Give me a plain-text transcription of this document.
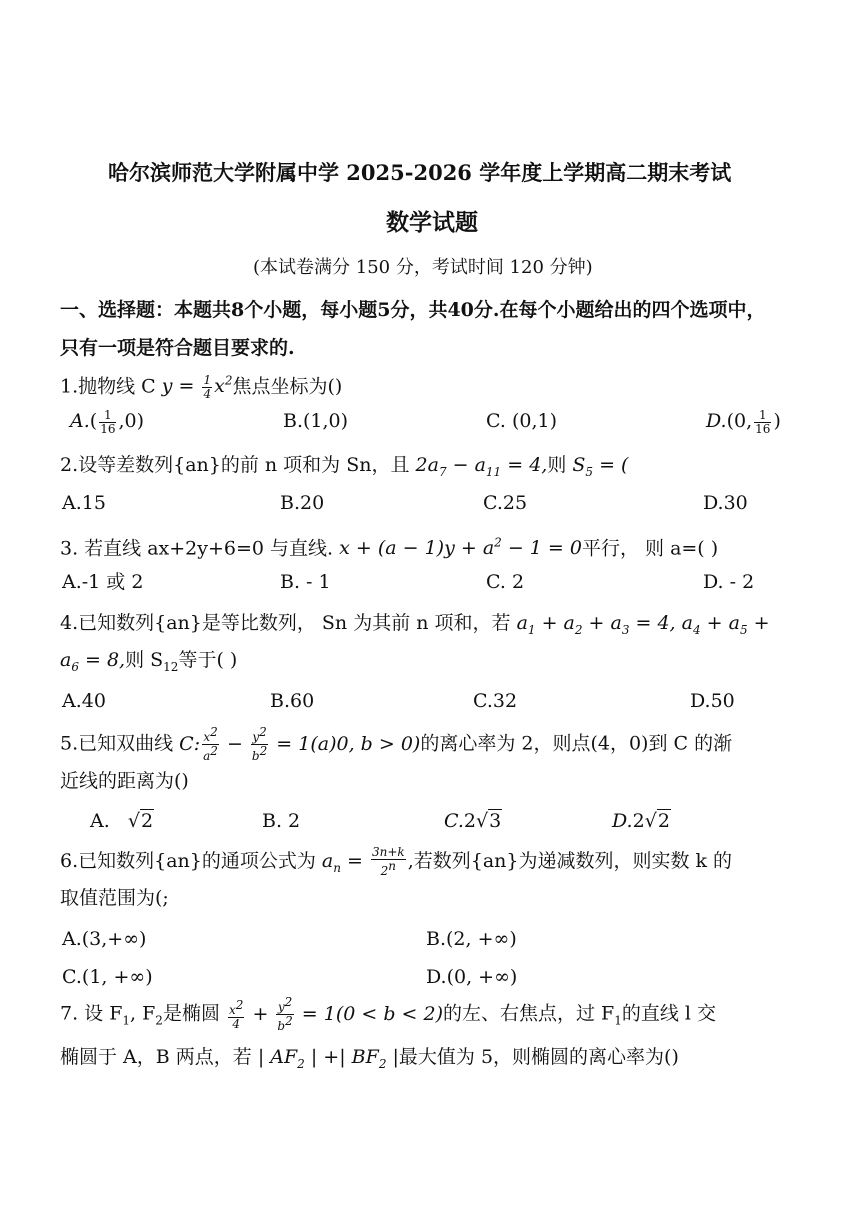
哈尔滨师范大学附属中学 2025-2026 学年度上学期高二期末考试
数学试题
(本试卷满分 150 分，考试时间 120 分钟)
一、选择题：本题共8个小题，每小题5分，共40分.在每个小题给出的四个选项中，
只有一项是符合题目要求的.
1.抛物线 C $y = \frac{1}{4} x^2$焦点坐标为()
$A.( \frac{1}{16} ,0)$	B.(1,0)	C. (0,1)	D.(0, $\frac{1}{16}$ )
2.设等差数列{an}的前 n 项和为 Sn，且 $2a_7 - a_{11} = 4$,则 $S_5$ = (
A.15	B.20	C.25	D.30
3. 若直线 ax+2y+6=0 与直线. $x + (a - 1)y + a^2 - 1 = 0$平行， 则 a=( )
A.-1 或 2	B. - 1	C. 2	D. - 2
4.已知数列{an}是等比数列， Sn 为其前 n 项和，若 $a_1 + a_2 + a_3 = 4$, $a_4 + a_5$ +
$a_6 = 8$,则 $S_{12}$等于( )
A.40	B.60	C.32	D.50
5.已知双曲线 C: $\frac{x^2}{a^2} - \frac{y^2}{b^2} = 1(a)0$, b > 0)的离心率为 2，则点(4，0)到 C 的渐
近线的距离为()
A.   √2	B. 2	C.2√3	D.2√2
6.已知数列{an}的通项公式为 $a_n = \frac{3n+k}{2^n}$ ,若数列{an}为递减数列，则实数 k 的
取值范围为(;
A.(3,+∞)	B.(2, +∞)
C.(1, +∞)	D.(0, +∞)
7. 设 $F_1$, $F_2$是椭圆 $\frac{x^2}{4} + \frac{y^2}{b^2} = 1(0 < b < 2)$的左、右焦点，过 $F_1$的直线 l 交
椭圆于 A，B 两点，若 | $AF_2$ | +| $BF_2$ |最大值为 5，则椭圆的离心率为()
